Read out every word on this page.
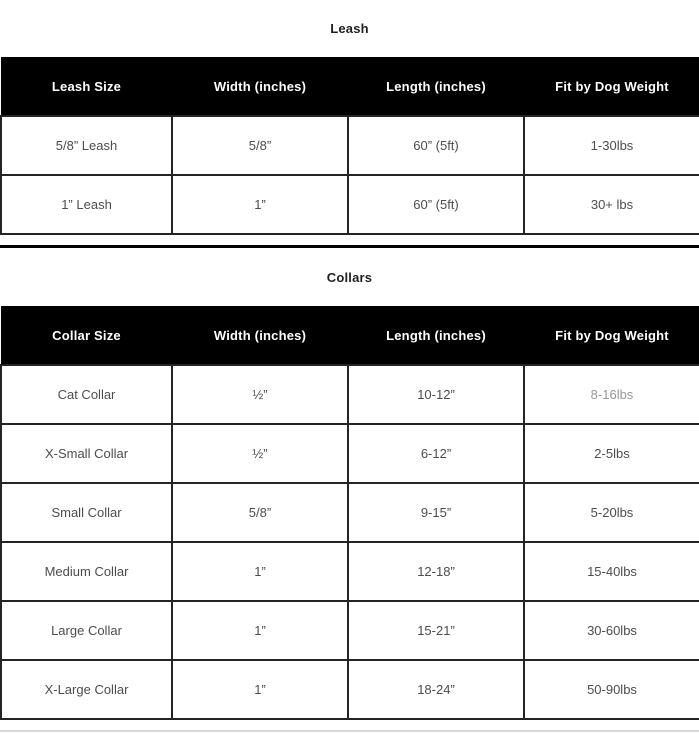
Leash
Leash Size	Width (inches)	Length (inches)	Fit by Dog Weight
5/8” Leash	5/8”	60” (5ft)	1-30lbs
1” Leash	1”	60” (5ft)	30+ lbs
Collars
Collar Size	Width (inches)	Length (inches)	Fit by Dog Weight
Cat Collar	½”	10-12”	8-16lbs
X-Small Collar	½”	6-12”	2-5lbs
Small Collar	5/8”	9-15”	5-20lbs
Medium Collar	1”	12-18”	15-40lbs
Large Collar	1”	15-21”	30-60lbs
X-Large Collar	1”	18-24”	50-90lbs
